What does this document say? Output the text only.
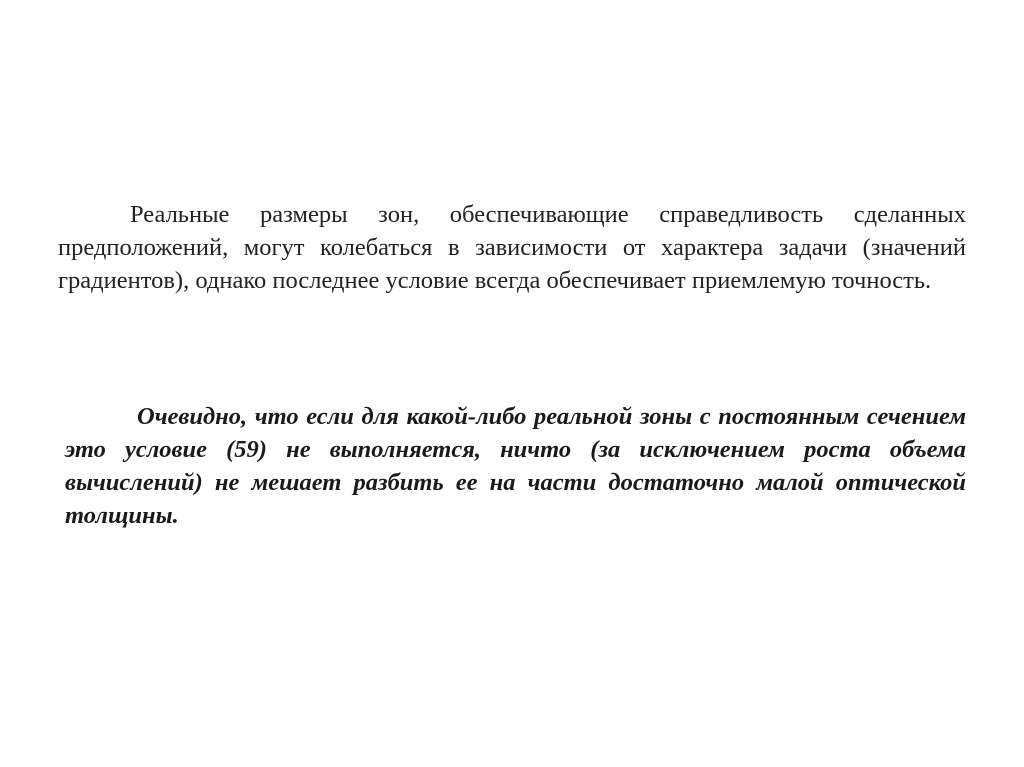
Реальные размеры зон, обеспечивающие справедливость сделанных предположений, могут колебаться в зависимости от характера задачи (значений градиентов), однако последнее условие всегда обеспечивает приемлемую точность.

Очевидно, что если для какой-либо реальной зоны с постоянным сечением это условие (59) не выполняется, ничто (за исключением роста объема вычислений) не мешает разбить ее на части достаточно малой оптической толщины.
